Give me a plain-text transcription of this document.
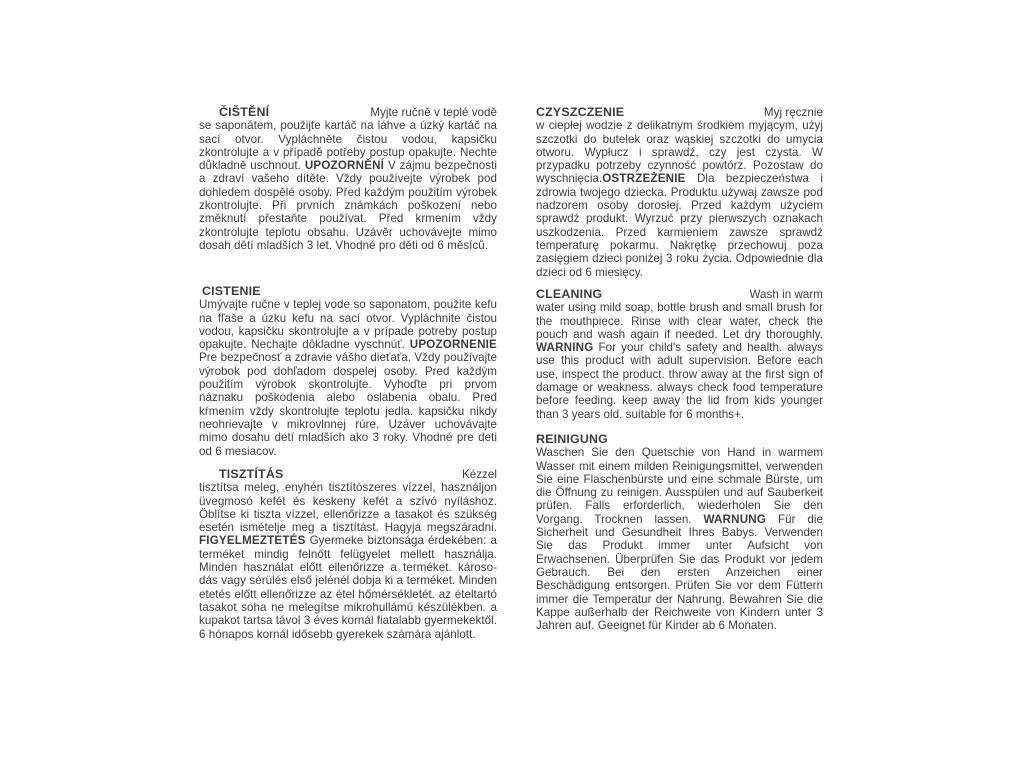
ČIŠTĚNÍ	Myjte ručně v teplé vodě

se saponátem, použijte kartáč na láhve a úzký kartáč na sací otvor. Vypláchněte čistou vodou, kapsičku zkontrolujte a v případě potřeby postup opakujte. Nechte důkladně uschnout. UPOZORNĚNÍ V zájmu bezpečnosti a zdraví vašeho dítěte. Vždy používejte výrobek pod dohledem dospělé osoby. Před každým použitím výrobek zkontrolujte. Při prvních známkách poškození nebo změknutí přestaňte používat. Před krmením vždy zkontrolujte teplotu obsahu. Uzávěr uchovávejte mimo dosah dětí mladších 3 let. Vhodné pro děti od 6 měsíců.

CISTENIE

Umývajte ručne v teplej vode so saponatom, použite kefu na fľaše a úzku kefu na sací otvor. Vypláchnite čistou vodou, kapsičku skontrolujte a v prípade potreby postup opakujte. Nechajte dôkladne vyschnúť. UPOZORNENIE Pre bezpečnosť a zdravie vášho dieťaťa. Vždy používajte výrobok pod dohľadom dospelej osoby. Pred každým použitím výrobok skontrolujte. Vyhoďte pri prvom náznaku poškodenia alebo oslabenia obalu. Pred kŕmením vždy skontrolujte teplotu jedla. kapsičku nikdy neohrievajte v mikrovlnnej rúre. Uzáver uchovávajte mimo dosahu detí mladších ako 3 roky. Vhodné pre deti od 6 mesiacov.

TISZTÍTÁS	Kézzel

tisztítsa meleg, enyhén tisztítószeres vízzel, használjon üvegmosó kefét és keskeny kefét a szívó nyíláshoz. Öblítse ki tiszta vízzel, ellenőrizze a tasakot és szükség esetén ismételje meg a tisztítást. Hagyja megszáradni. FIGYELMEZTETÉS Gyermeke biztonsága érdekében: a terméket mindig felnőtt felügyelet mellett használja. Minden használat előtt ellenőrizze a terméket. károso- dás vagy sérülés első jelénél dobja ki a terméket. Minden etetés előtt ellenőrizze az étel hőmérsékletét. az ételtartó tasakot soha ne melegítse mikrohullámú készülékben. a kupakot tartsa távol 3 éves kornál fiatalabb gyermekektől. 6 hónapos kornál idősebb gyerekek számára ajánlott.

CZYSZCZENIE	Myj ręcznie

w ciepłej wodzie z delikatnym środkiem myjącym, użyj szczotki do butelek oraz wąskiej szczotki do umycia otworu. Wypłucz i sprawdź, czy jest czysta. W przypadku potrzeby czynność powtórz. Pozostaw do wyschnięcia.OSTRZEŻENIE Dla bezpieczeństwa i zdrowia twojego dziecka. Produktu używaj zawsze pod nadzorem osoby dorosłej. Przed każdym użyciem sprawdź produkt. Wyrzuć przy pierwszych oznakach uszkodzenia. Przed karmieniem zawsze sprawdź temperaturę pokarmu. Nakrętkę przechowuj poza zasięgiem dzieci poniżej 3 roku życia. Odpowiednie dla dzieci od 6 miesięcy.

CLEANING	Wash in warm

water using mild soap, bottle brush and small brush for the mouthpiece. Rinse with clear water, check the pouch and wash again if needed. Let dry thoroughly. WARNING For your child's safety and health. always use this product with adult supervision. Before each use, inspect the product. throw away at the first sign of damage or weakness. always check food temperature before feeding. keep away the lid from kids younger than 3 years old. suitable for 6 months+.

REINIGUNG

Waschen Sie den Quetschie von Hand in warmem Wasser mit einem milden Reinigungsmittel, verwenden Sie eine Flaschenbürste und eine schmale Bürste, um die Öffnung zu reinigen. Ausspülen und auf Sauberkeit prüfen. Falls erforderlich, wiederholen Sie den Vorgang. Trocknen lassen. WARNUNG Für die Sicherheit und Gesundheit Ihres Babys. Verwenden Sie das Produkt immer unter Aufsicht von Erwachsenen. Überprüfen Sie das Produkt vor jedem Gebrauch. Bei den ersten Anzeichen einer Beschädigung entsorgen. Prüfen Sie vor dem Füttern immer die Temperatur der Nahrung. Bewahren Sie die Kappe außerhalb der Reichweite von Kindern unter 3 Jahren auf. Geeignet für Kinder ab 6 Monaten.
